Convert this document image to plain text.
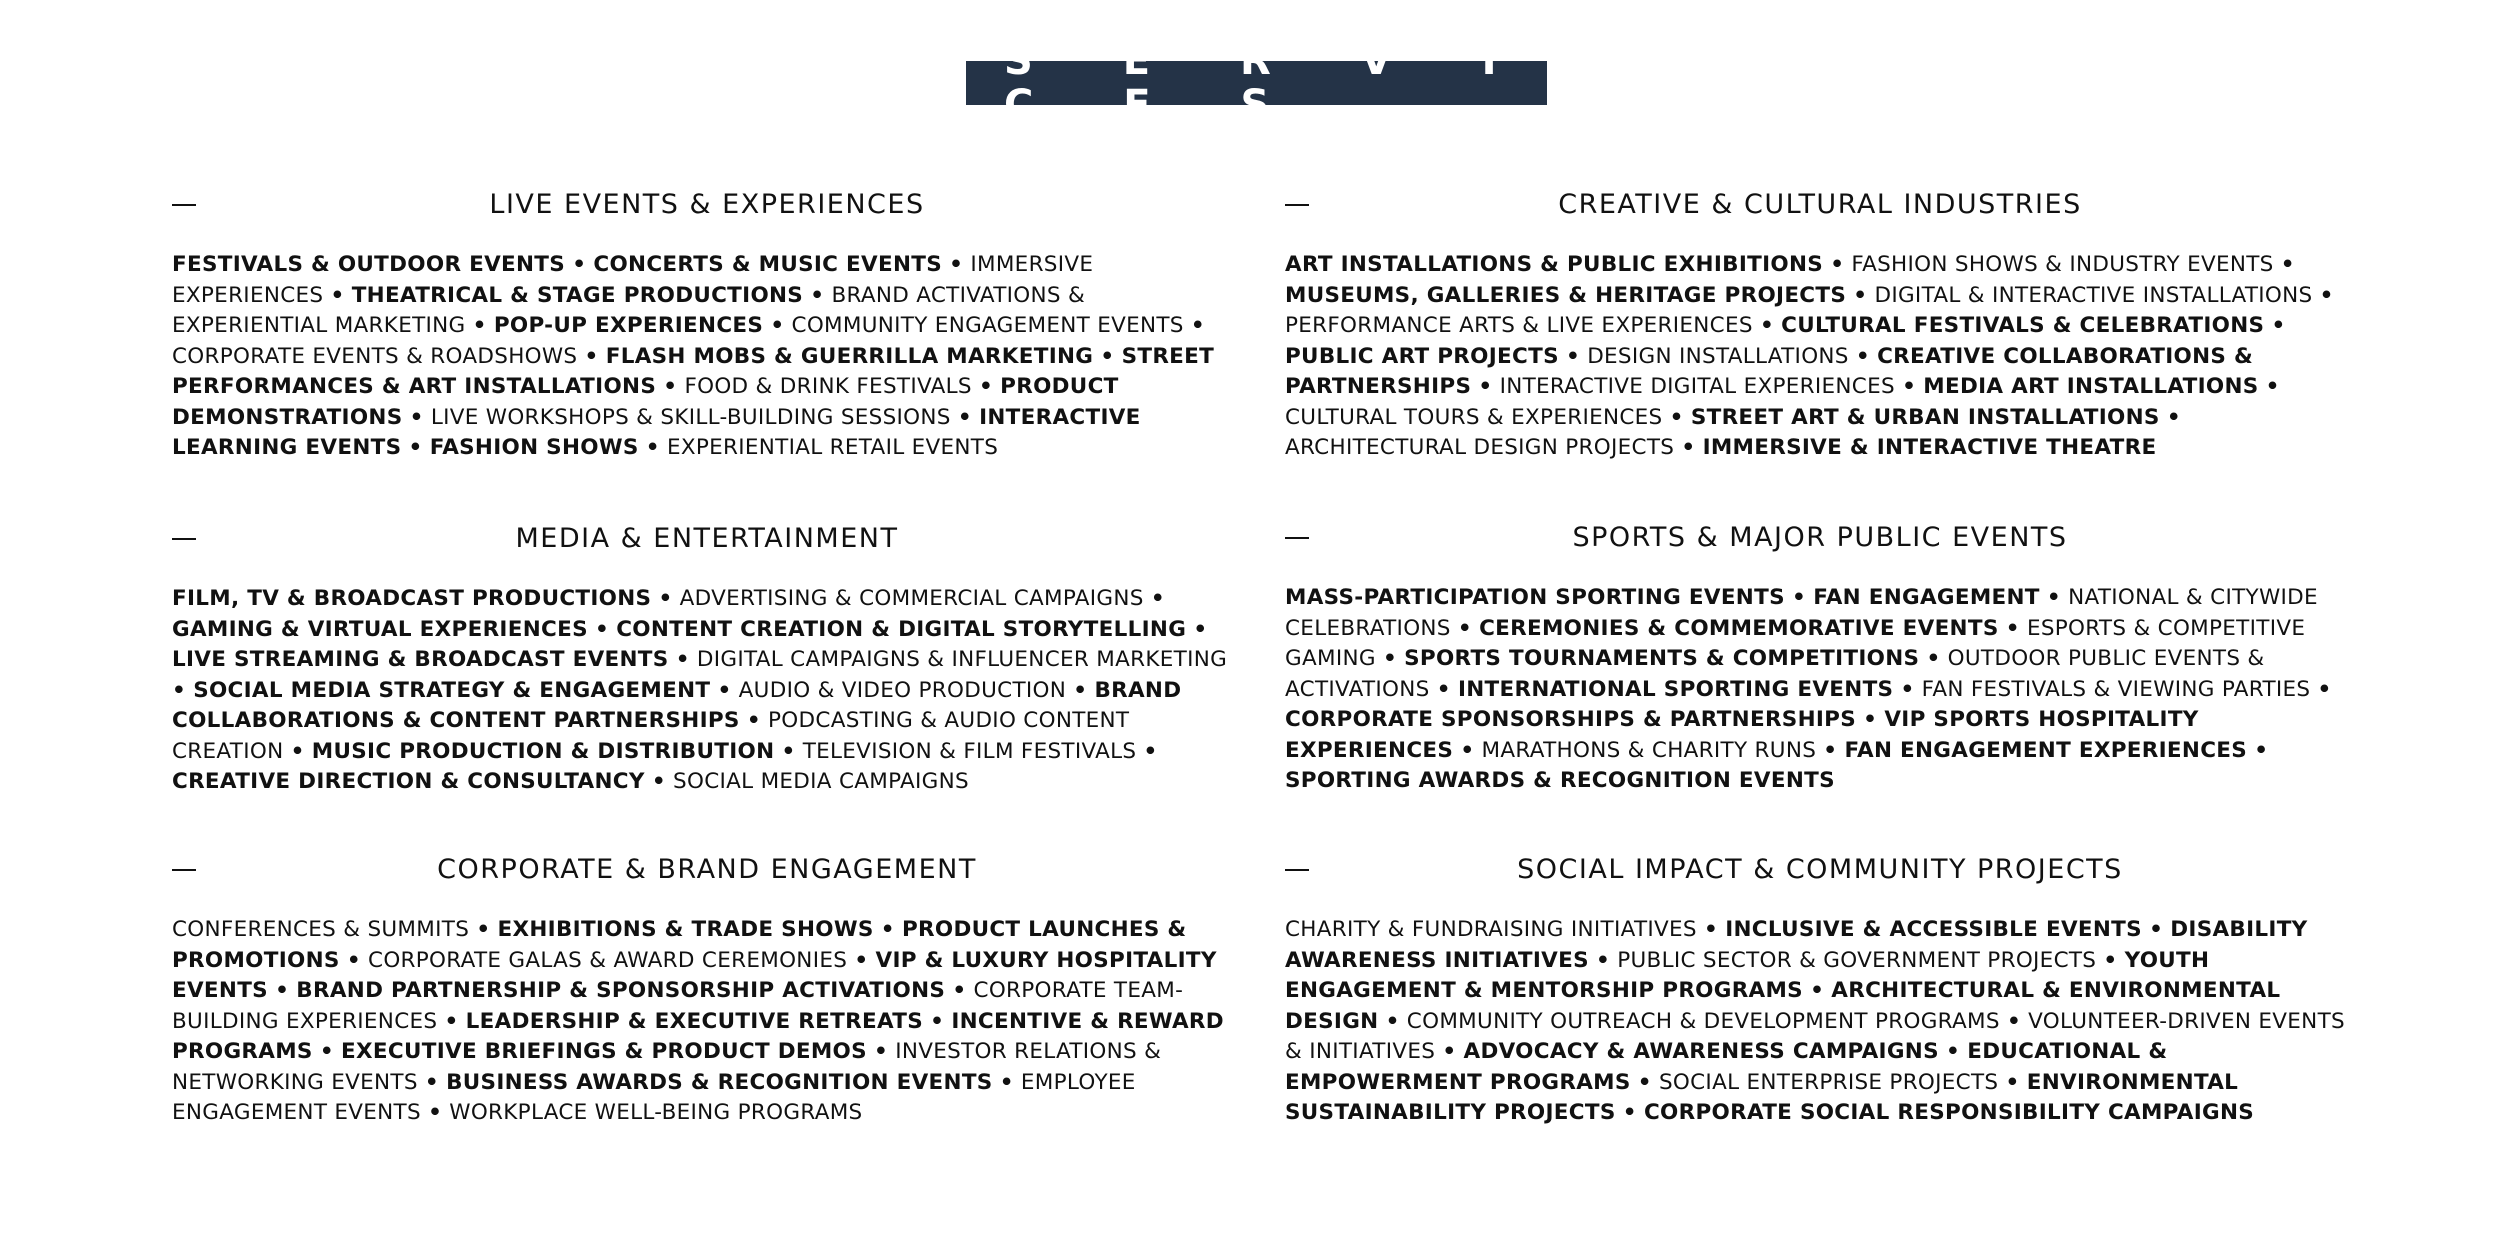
S E R V I C E S
LIVE EVENTS & EXPERIENCES
FESTIVALS & OUTDOOR EVENTS • CONCERTS & MUSIC EVENTS • IMMERSIVE EXPERIENCES • THEATRICAL & STAGE PRODUCTIONS • BRAND ACTIVATIONS & EXPERIENTIAL MARKETING • POP-UP EXPERIENCES • COMMUNITY ENGAGEMENT EVENTS • CORPORATE EVENTS & ROADSHOWS • FLASH MOBS & GUERRILLA MARKETING • STREET PERFORMANCES & ART INSTALLATIONS • FOOD & DRINK FESTIVALS • PRODUCT DEMONSTRATIONS • LIVE WORKSHOPS & SKILL-BUILDING SESSIONS • INTERACTIVE LEARNING EVENTS • FASHION SHOWS • EXPERIENTIAL RETAIL EVENTS
CREATIVE & CULTURAL INDUSTRIES
ART INSTALLATIONS & PUBLIC EXHIBITIONS • FASHION SHOWS & INDUSTRY EVENTS • MUSEUMS, GALLERIES & HERITAGE PROJECTS • DIGITAL & INTERACTIVE INSTALLATIONS • PERFORMANCE ARTS & LIVE EXPERIENCES • CULTURAL FESTIVALS & CELEBRATIONS • PUBLIC ART PROJECTS • DESIGN INSTALLATIONS • CREATIVE COLLABORATIONS & PARTNERSHIPS • INTERACTIVE DIGITAL EXPERIENCES • MEDIA ART INSTALLATIONS • CULTURAL TOURS & EXPERIENCES • STREET ART & URBAN INSTALLATIONS • ARCHITECTURAL DESIGN PROJECTS • IMMERSIVE & INTERACTIVE THEATRE
MEDIA & ENTERTAINMENT
FILM, TV & BROADCAST PRODUCTIONS • ADVERTISING & COMMERCIAL CAMPAIGNS • GAMING & VIRTUAL EXPERIENCES • CONTENT CREATION & DIGITAL STORYTELLING • LIVE STREAMING & BROADCAST EVENTS • DIGITAL CAMPAIGNS & INFLUENCER MARKETING • SOCIAL MEDIA STRATEGY & ENGAGEMENT • AUDIO & VIDEO PRODUCTION • BRAND COLLABORATIONS & CONTENT PARTNERSHIPS • PODCASTING & AUDIO CONTENT CREATION • MUSIC PRODUCTION & DISTRIBUTION • TELEVISION & FILM FESTIVALS • CREATIVE DIRECTION & CONSULTANCY • SOCIAL MEDIA CAMPAIGNS
SPORTS & MAJOR PUBLIC EVENTS
MASS-PARTICIPATION SPORTING EVENTS • FAN ENGAGEMENT • NATIONAL & CITYWIDE CELEBRATIONS • CEREMONIES & COMMEMORATIVE EVENTS • ESPORTS & COMPETITIVE GAMING • SPORTS TOURNAMENTS & COMPETITIONS • OUTDOOR PUBLIC EVENTS & ACTIVATIONS • INTERNATIONAL SPORTING EVENTS • FAN FESTIVALS & VIEWING PARTIES • CORPORATE SPONSORSHIPS & PARTNERSHIPS • VIP SPORTS HOSPITALITY EXPERIENCES • MARATHONS & CHARITY RUNS • FAN ENGAGEMENT EXPERIENCES • SPORTING AWARDS & RECOGNITION EVENTS
CORPORATE & BRAND ENGAGEMENT
CONFERENCES & SUMMITS • EXHIBITIONS & TRADE SHOWS • PRODUCT LAUNCHES & PROMOTIONS • CORPORATE GALAS & AWARD CEREMONIES • VIP & LUXURY HOSPITALITY EVENTS • BRAND PARTNERSHIP & SPONSORSHIP ACTIVATIONS • CORPORATE TEAM-BUILDING EXPERIENCES • LEADERSHIP & EXECUTIVE RETREATS • INCENTIVE & REWARD PROGRAMS • EXECUTIVE BRIEFINGS & PRODUCT DEMOS • INVESTOR RELATIONS & NETWORKING EVENTS • BUSINESS AWARDS & RECOGNITION EVENTS • EMPLOYEE ENGAGEMENT EVENTS • WORKPLACE WELL-BEING PROGRAMS
SOCIAL IMPACT & COMMUNITY PROJECTS
CHARITY & FUNDRAISING INITIATIVES • INCLUSIVE & ACCESSIBLE EVENTS • DISABILITY AWARENESS INITIATIVES • PUBLIC SECTOR & GOVERNMENT PROJECTS • YOUTH ENGAGEMENT & MENTORSHIP PROGRAMS • ARCHITECTURAL & ENVIRONMENTAL DESIGN • COMMUNITY OUTREACH & DEVELOPMENT PROGRAMS • VOLUNTEER-DRIVEN EVENTS & INITIATIVES • ADVOCACY & AWARENESS CAMPAIGNS • EDUCATIONAL & EMPOWERMENT PROGRAMS • SOCIAL ENTERPRISE PROJECTS • ENVIRONMENTAL SUSTAINABILITY PROJECTS • CORPORATE SOCIAL RESPONSIBILITY CAMPAIGNS
